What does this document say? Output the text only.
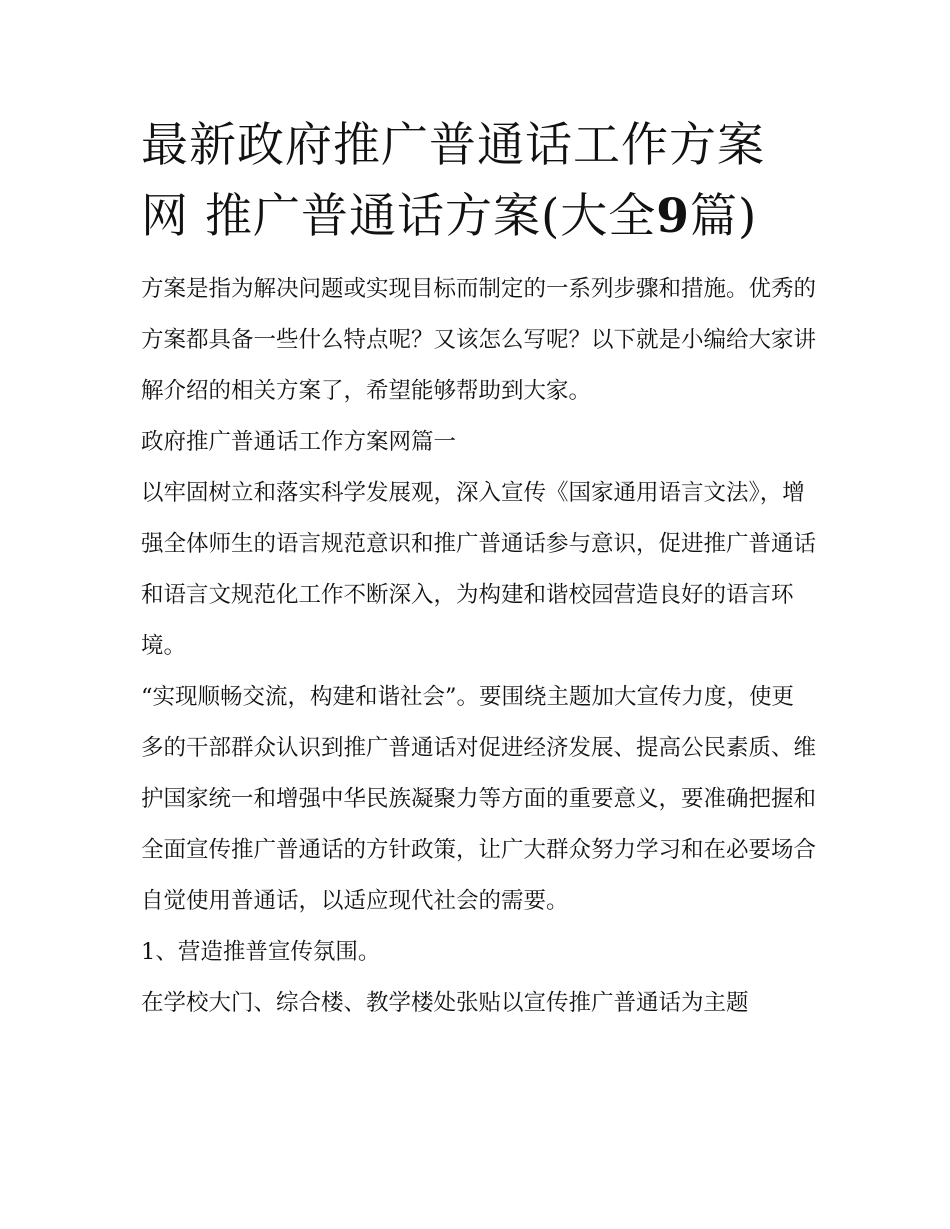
最新政府推广普通话工作方案
网 推广普通话方案(大全9篇)

方案是指为解决问题或实现目标而制定的一系列步骤和措施。优秀的方案都具备一些什么特点呢？又该怎么写呢？以下就是小编给大家讲解介绍的相关方案了，希望能够帮助到大家。

政府推广普通话工作方案网篇一

以牢固树立和落实科学发展观，深入宣传《国家通用语言文法》，增强全体师生的语言规范意识和推广普通话参与意识，促进推广普通话和语言文规范化工作不断深入，为构建和谐校园营造良好的语言环境。

“实现顺畅交流，构建和谐社会”。要围绕主题加大宣传力度，使更多的干部群众认识到推广普通话对促进经济发展、提高公民素质、维护国家统一和增强中华民族凝聚力等方面的重要意义，要准确把握和全面宣传推广普通话的方针政策，让广大群众努力学习和在必要场合自觉使用普通话，以适应现代社会的需要。

1、营造推普宣传氛围。

在学校大门、综合楼、教学楼处张贴以宣传推广普通话为主题
